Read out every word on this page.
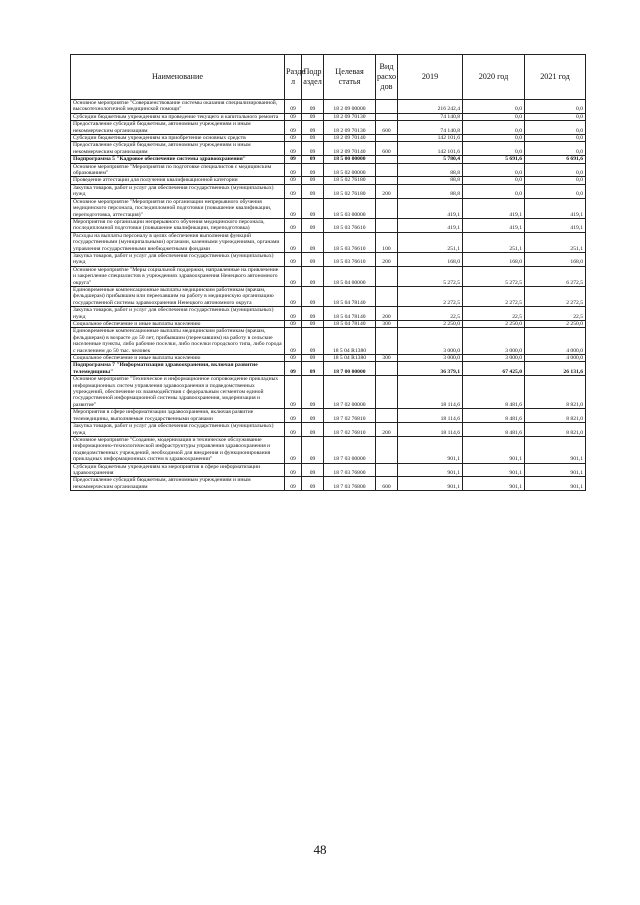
Наименование	Разде л	Подр аздел	Целевая статья	Вид расхо дов	2019	2020 год	2021 год
Основное мероприятие "Совершенствование системы оказания специализированной, высокотехнологичной медицинской помощи"	09	09	18 2 09 00000		216 242,4	0,0	0,0
Субсидии бюджетным учреждениям на проведение текущего и капитального ремонта	09	09	18 2 09 70130		74 140,8	0,0	0,0
Предоставление субсидий бюджетным, автономным учреждениям и иным некоммерческим организациям	09	09	18 2 09 70130	600	74 140,8	0,0	0,0
Субсидии бюджетным учреждениям на приобретение основных средств	09	09	18 2 09 70140		142 101,6	0,0	0,0
Предоставление субсидий бюджетным, автономным учреждениям и иным некоммерческим организациям	09	09	18 2 09 70140	600	142 101,6	0,0	0,0
Подпрограмма 5 "Кадровое обеспечение системы здравоохранения"	09	09	18 5 00 00000		5 780,4	5 691,6	6 691,6
Основное мероприятие "Мероприятия по подготовке специалистов с медицинским образованием"	09	09	18 5 02 00000		88,8	0,0	0,0
Проведение аттестации для получения квалификационной категории	09	09	18 5 02 76180		88,8	0,0	0,0
Закупка товаров, работ и услуг для обеспечения государственных (муниципальных) нужд	09	09	18 5 02 76180	200	88,8	0,0	0,0
Основное мероприятие "Мероприятия по организации непрерывного обучения медицинского персонала, последипломной подготовки (повышение квалификации, переподготовка, аттестация)"	09	09	18 5 03 00000		419,1	419,1	419,1
Мероприятия по организации непрерывного обучения медицинского персонала, последипломной подготовки (повышение квалификации, переподготовка)	09	09	18 5 03 76610		419,1	419,1	419,1
Расходы на выплаты персоналу в целях обеспечения выполнения функций государственными (муниципальными) органами, казенными учреждениями, органами управления государственными внебюджетными фондами	09	09	18 5 03 76610	100	251,1	251,1	251,1
Закупка товаров, работ и услуг для обеспечения государственных (муниципальных) нужд	09	09	18 5 03 76610	200	168,0	168,0	168,0
Основное мероприятие "Меры социальной поддержки, направленные на привлечение и закрепление специалистов в учреждениях здравоохранения Ненецкого автономного округа"	09	09	18 5 04 00000		5 272,5	5 272,5	6 272,5
Единовременные компенсационные выплаты медицинским работникам (врачам, фельдшерам) прибывшим или переехавшим на работу в медицинскую организацию государственной системы здравоохранения Ненецкого автономного округа	09	09	18 5 04 78140		2 272,5	2 272,5	2 272,5
Закупка товаров, работ и услуг для обеспечения государственных (муниципальных) нужд	09	09	18 5 04 78140	200	22,5	22,5	22,5
Социальное обеспечение и иные выплаты населению	09	09	18 5 04 78140	300	2 250,0	2 250,0	2 250,0
Единовременные компенсационные выплаты медицинским работникам (врачам, фельдшерам) в возрасте до 50 лет, прибывшим (переехавшим) на работу в сельские населенные пункты, либо рабочие поселки, либо поселки городского типа, либо города с населением до 50 тыс. человек	09	09	18 5 04 R1380		3 000,0	3 000,0	4 000,0
Социальное обеспечение и иные выплаты населению	09	09	18 5 04 R1380	300	3 000,0	3 000,0	4 000,0
Подпрограмма 7 "Информатизация здравоохранения, включая развитие телемедицины"	09	09	18 7 00 00000		36 379,1	67 425,0	26 131,6
Основное мероприятие "Техническое и информационное сопровождение прикладных информационных систем управления здравоохранения и подведомственных учреждений, обеспечение их взаимодействия с федеральным сегментом единой государственной информационной системы здравоохранения, модернизация и развитие"	09	09	18 7 02 00000		18 114,6	8 481,6	8 821,0
Мероприятия в сфере информатизации здравоохранения, включая развитие телемедицины, выполняемые государственными органами	09	09	18 7 02 76810		18 114,6	8 481,6	8 821,0
Закупка товаров, работ и услуг для обеспечения государственных (муниципальных) нужд	09	09	18 7 02 76810	200	18 114,6	8 481,6	8 821,0
Основное мероприятие "Создание, модернизация и техническое обслуживание информационно-технологической инфраструктуры управления здравоохранения и подведомственных учреждений, необходимой для внедрения и функционирования прикладных информационных систем в здравоохранении"	09	09	18 7 03 00000		901,1	901,1	901,1
Субсидии бюджетным учреждениям на мероприятия в сфере информатизации здравоохранения	09	09	18 7 03 76800		901,1	901,1	901,1
Предоставление субсидий бюджетным, автономным учреждениям и иным некоммерческим организациям	09	09	18 7 03 76800	600	901,1	901,1	901,1
48
